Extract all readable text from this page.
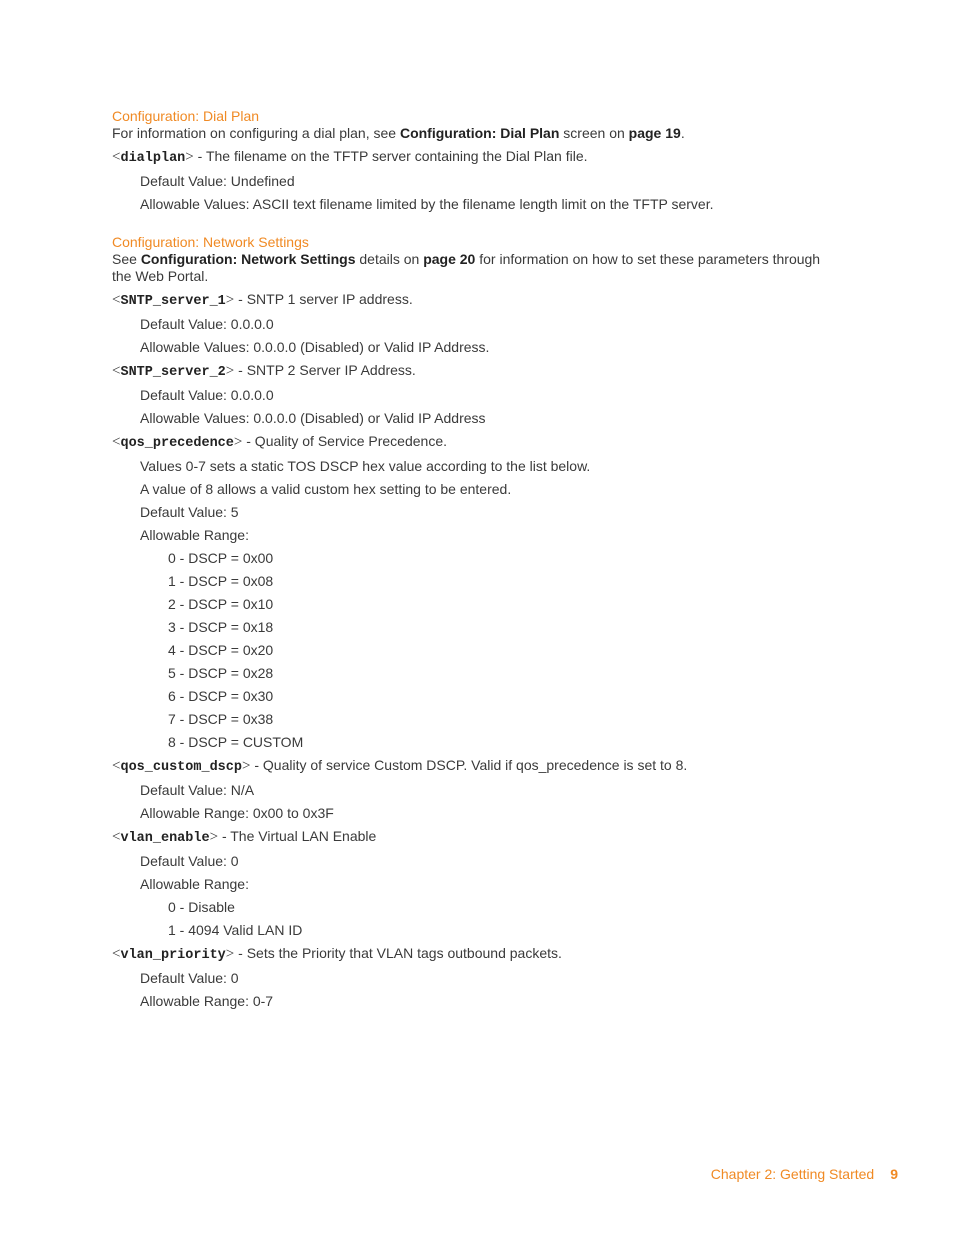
Configuration: Dial Plan

For information on configuring a dial plan, see Configuration: Dial Plan screen on page 19.

<dialplan> - The filename on the TFTP server containing the Dial Plan file.
Default Value: Undefined
Allowable Values: ASCII text filename limited by the filename length limit on the TFTP server.
Configuration: Network Settings

See Configuration: Network Settings details on page 20 for information on how to set these parameters through the Web Portal.

<SNTP_server_1> - SNTP 1 server IP address.
Default Value: 0.0.0.0
Allowable Values: 0.0.0.0 (Disabled) or Valid IP Address.
<SNTP_server_2> - SNTP 2 Server IP Address.
Default Value: 0.0.0.0
Allowable Values: 0.0.0.0 (Disabled) or Valid IP Address
<qos_precedence> - Quality of Service Precedence.
Values 0-7 sets a static TOS DSCP hex value according to the list below.
A value of 8 allows a valid custom hex setting to be entered.
Default Value: 5
Allowable Range:
0 - DSCP = 0x00
1 - DSCP = 0x08
2 - DSCP = 0x10
3 - DSCP = 0x18
4 - DSCP = 0x20
5 - DSCP = 0x28
6 - DSCP = 0x30
7 - DSCP = 0x38
8 - DSCP = CUSTOM
<qos_custom_dscp> - Quality of service Custom DSCP. Valid if qos_precedence is set to 8.
Default Value: N/A
Allowable Range: 0x00 to 0x3F
<vlan_enable> - The Virtual LAN Enable
Default Value: 0
Allowable Range:
0 - Disable
1 - 4094 Valid LAN ID
<vlan_priority> - Sets the Priority that VLAN tags outbound packets.
Default Value: 0
Allowable Range: 0-7
Chapter 2: Getting Started 9
